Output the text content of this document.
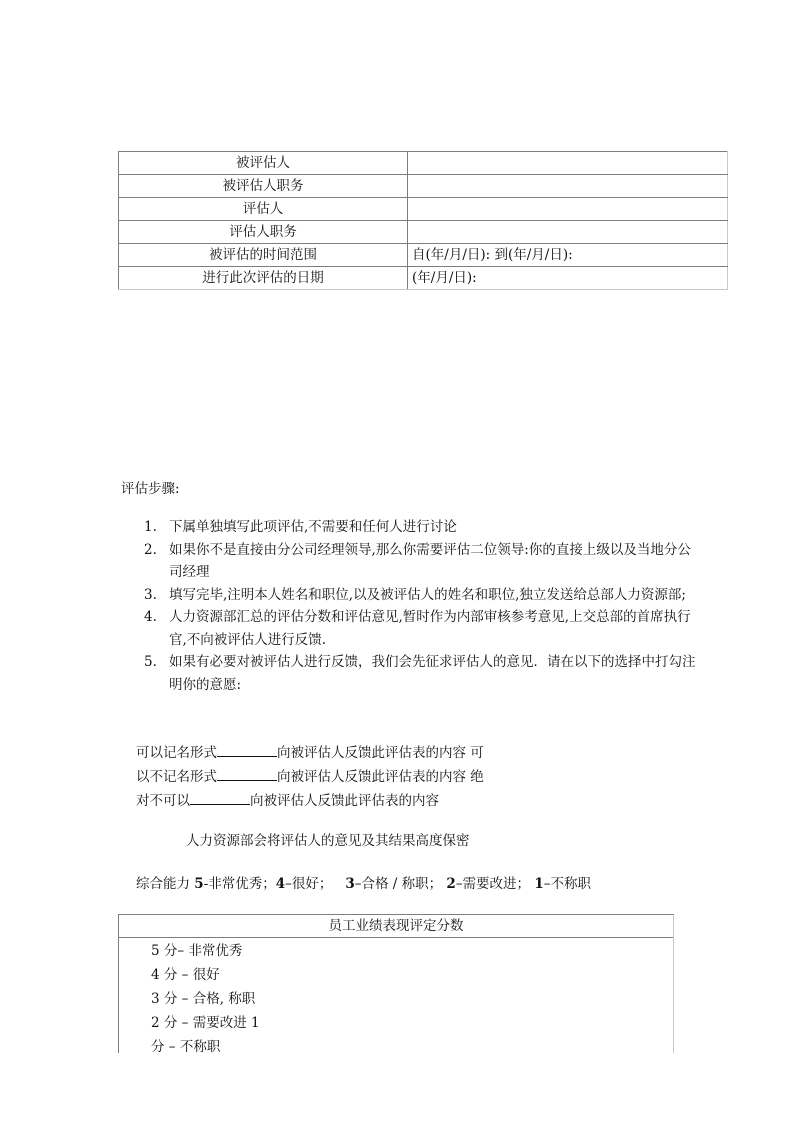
被评估人	
被评估人职务	
评估人	
评估人职务	
被评估的时间范围	自(年/月/日): 到(年/月/日):
进行此次评估的日期	(年/月/日):
评估步骤:
1. 下属单独填写此项评估,不需要和任何人进行讨论
2. 如果你不是直接由分公司经理领导,那么你需要评估二位领导:你的直接上级以及当地分公司经理
3. 填写完毕,注明本人姓名和职位,以及被评估人的姓名和职位,独立发送给总部人力资源部;
4. 人力资源部汇总的评估分数和评估意见,暂时作为内部审核参考意见,上交总部的首席执行官,不向被评估人进行反馈.
5. 如果有必要对被评估人进行反馈，我们会先征求评估人的意见．请在以下的选择中打勾注明你的意愿:
可以记名形式	向被评估人反馈此评估表的内容 可
以不记名形式	向被评估人反馈此评估表的内容 绝
对不可以	向被评估人反馈此评估表的内容
人力资源部会将评估人的意见及其结果高度保密
综合能力 5-非常优秀；4–很好；   3–合格 / 称职； 2–需要改进； 1–不称职
员工业绩表现评定分数
5 分– 非常优秀
4 分 – 很好
3 分 – 合格, 称职
2 分 – 需要改进 1
分 – 不称职
